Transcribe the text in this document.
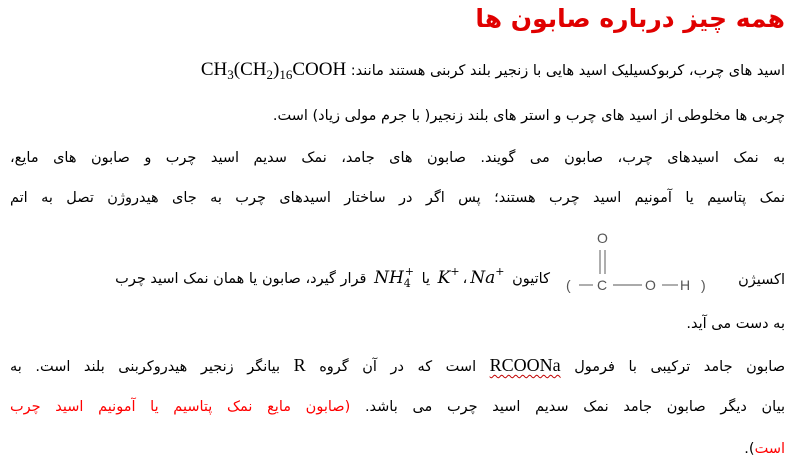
همه چیز درباره صابون ها
اسید های چرب، کربوکسیلیک اسید هایی با زنجیر بلند کربنی هستند مانند: $CH_3(CH_2)_{16}COOH$
چربی ها مخلوطی از اسید های چرب و استر های بلند زنجیر( با جرم مولی زیاد) است.
به نمک اسیدهای چرب، صابون می گویند. صابون های جامد، نمک سدیم اسید چرب و صابون های مایع،
نمک پتاسیم یا آمونیم اسید چرب هستند؛ پس اگر در ساختار اسیدهای چرب به جای هیدروژن تصل به اتم
اکسیژن
O
( C	O H )
کاتیون Na+،K+ یا $NH_4^+$ قرار گیرد، صابون یا همان نمک اسید چرب
به دست می آید.
صابون جامد ترکیبی با فرمول RCOONa است که در آن گروه R بیانگر زنجیر هیدروکربنی بلند است. به
بیان دیگر صابون جامد نمک سدیم اسید چرب می باشد. (صابون مایع نمک پتاسیم یا آمونیم اسید چرب
است).
